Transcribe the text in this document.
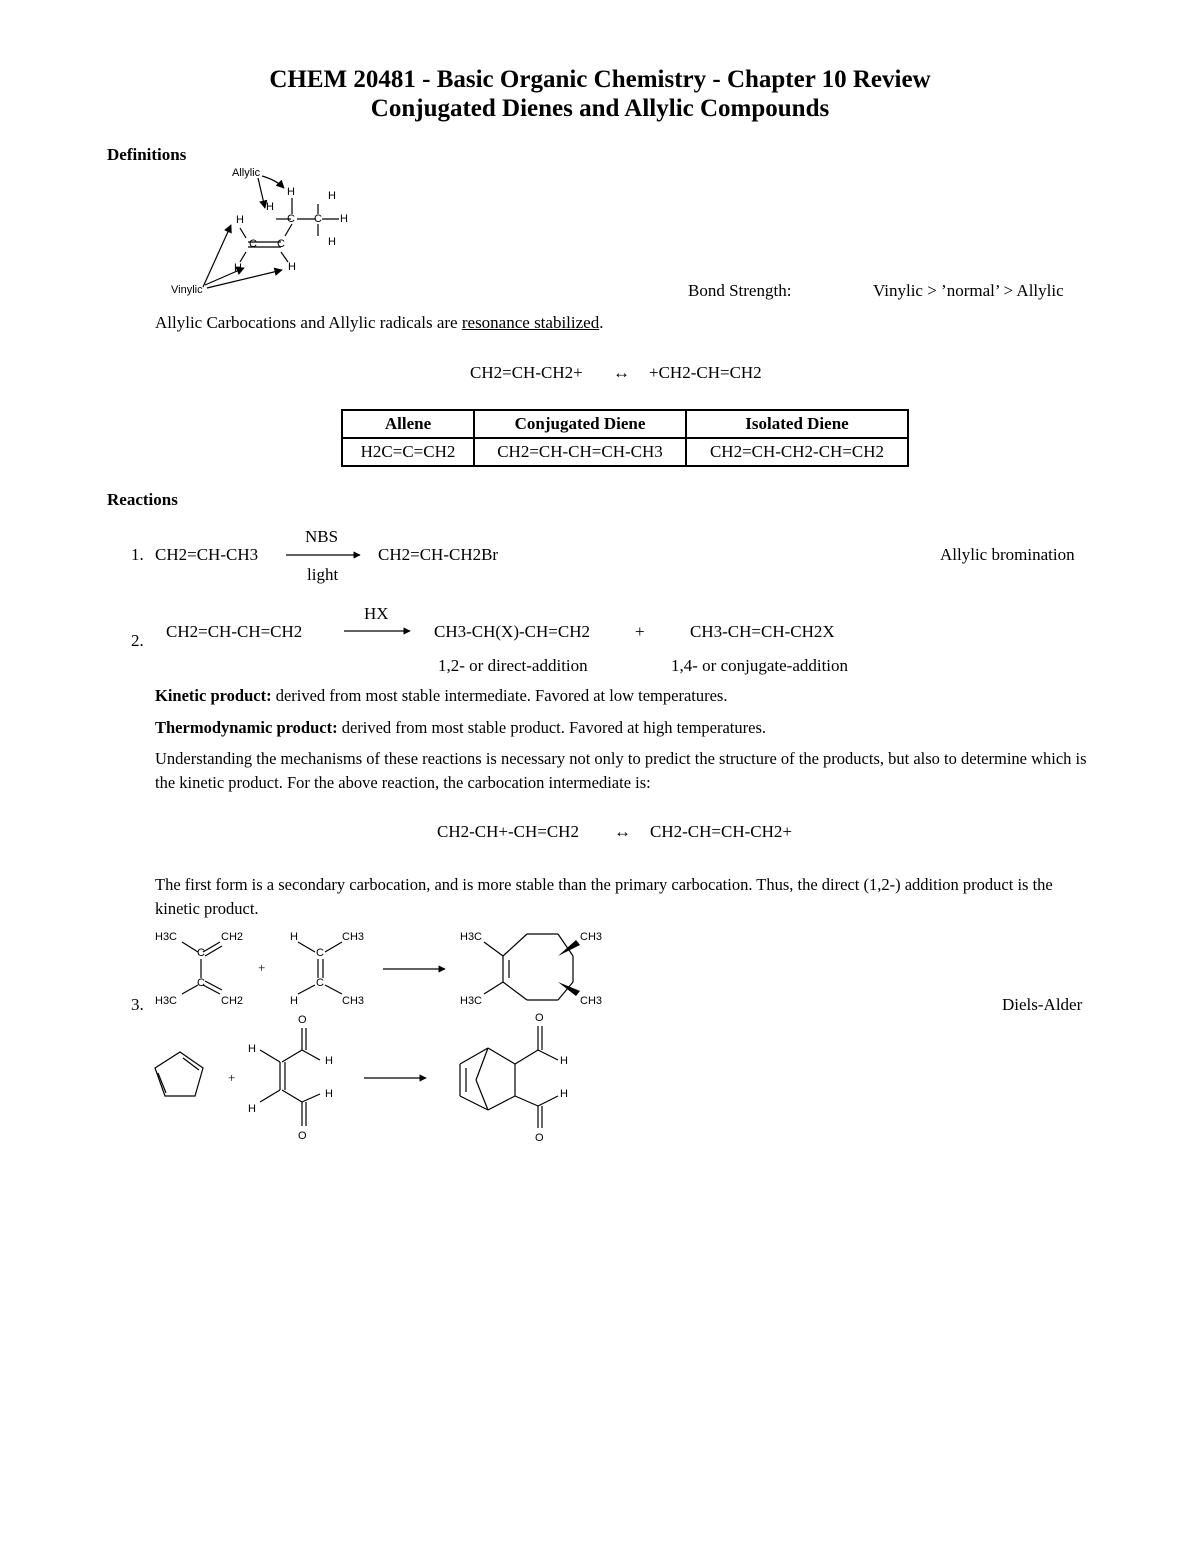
CHEM 20481 - Basic Organic Chemistry - Chapter 10 Review
Conjugated Dienes and Allylic Compounds
Definitions
Allylic
Vinylic
H	H
H
C C H
H
H
C C
H	H
Bond Strength:	Vinylic > ’normal’ > Allylic
Allylic Carbocations and Allylic radicals are resonance stabilized.
CH2=CH-CH2+ ↔ +CH2-CH=CH2
Allene	Conjugated Diene	Isolated Diene
H2C=C=CH2	CH2=CH-CH=CH-CH3	CH2=CH-CH2-CH=CH2
Reactions
1. CH2=CH-CH3
NBS
light
CH2=CH-CH2Br	Allylic bromination
2. CH2=CH-CH=CH2
HX
CH3-CH(X)-CH=CH2	+	CH3-CH=CH-CH2X
1,2- or direct-addition	1,4- or conjugate-addition
Kinetic product: derived from most stable intermediate. Favored at low temperatures.
Thermodynamic product: derived from most stable product. Favored at high temperatures.
Understanding the mechanisms of these reactions is necessary not only to predict the structure of the products, but also to determine which is the kinetic product. For the above reaction, the carbocation intermediate is:
CH2-CH+-CH=CH2 ↔ CH2-CH=CH-CH2+
The first form is a secondary carbocation, and is more stable than the primary carbocation. Thus, the direct (1,2-) addition product is the kinetic product.
3.	Diels-Alder
H3C	CH2
C
C
H3C	CH2
+
H	CH3
C
C
H	CH3
H3C	CH3
H3C	CH3
+
O
H
H
H
H
O
O
H
H
O
